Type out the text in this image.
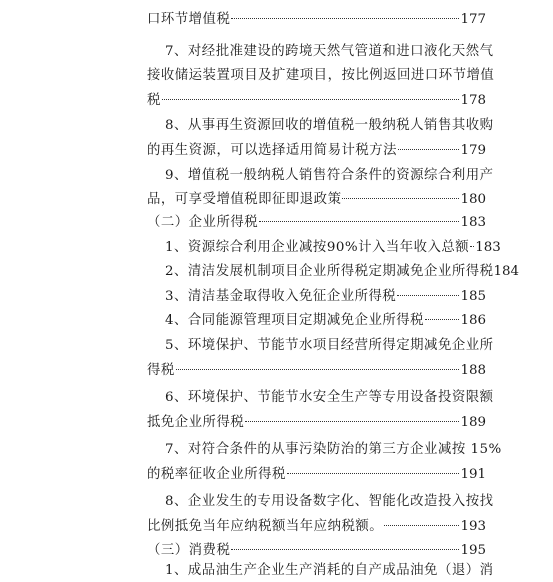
口环节增值税	177
7、对经批准建设的跨境天然气管道和进口液化天然气
接收储运装置项目及扩建项目，按比例返回进口环节增值
税	178
8、从事再生资源回收的增值税一般纳税人销售其收购
的再生资源，可以选择适用简易计税方法	179
9、增值税一般纳税人销售符合条件的资源综合利用产
品，可享受增值税即征即退政策	180
（二）企业所得税	183
1、资源综合利用企业减按90%计入当年收入总额 183
2、清洁发展机制项目企业所得税定期减免企业所得税 184
3、清洁基金取得收入免征企业所得税	185
4、合同能源管理项目定期减免企业所得税	186
5、环境保护、节能节水项目经营所得定期减免企业所
得税	188
6、环境保护、节能节水安全生产等专用设备投资限额
抵免企业所得税	189
7、对符合条件的从事污染防治的第三方企业减按 15%
的税率征收企业所得税	191
8、企业发生的专用设备数字化、智能化改造投入按找
比例抵免当年应纳税额当年应纳税额。	193
（三）消费税	195
1、成品油生产企业生产消耗的自产成品油免（退）消
